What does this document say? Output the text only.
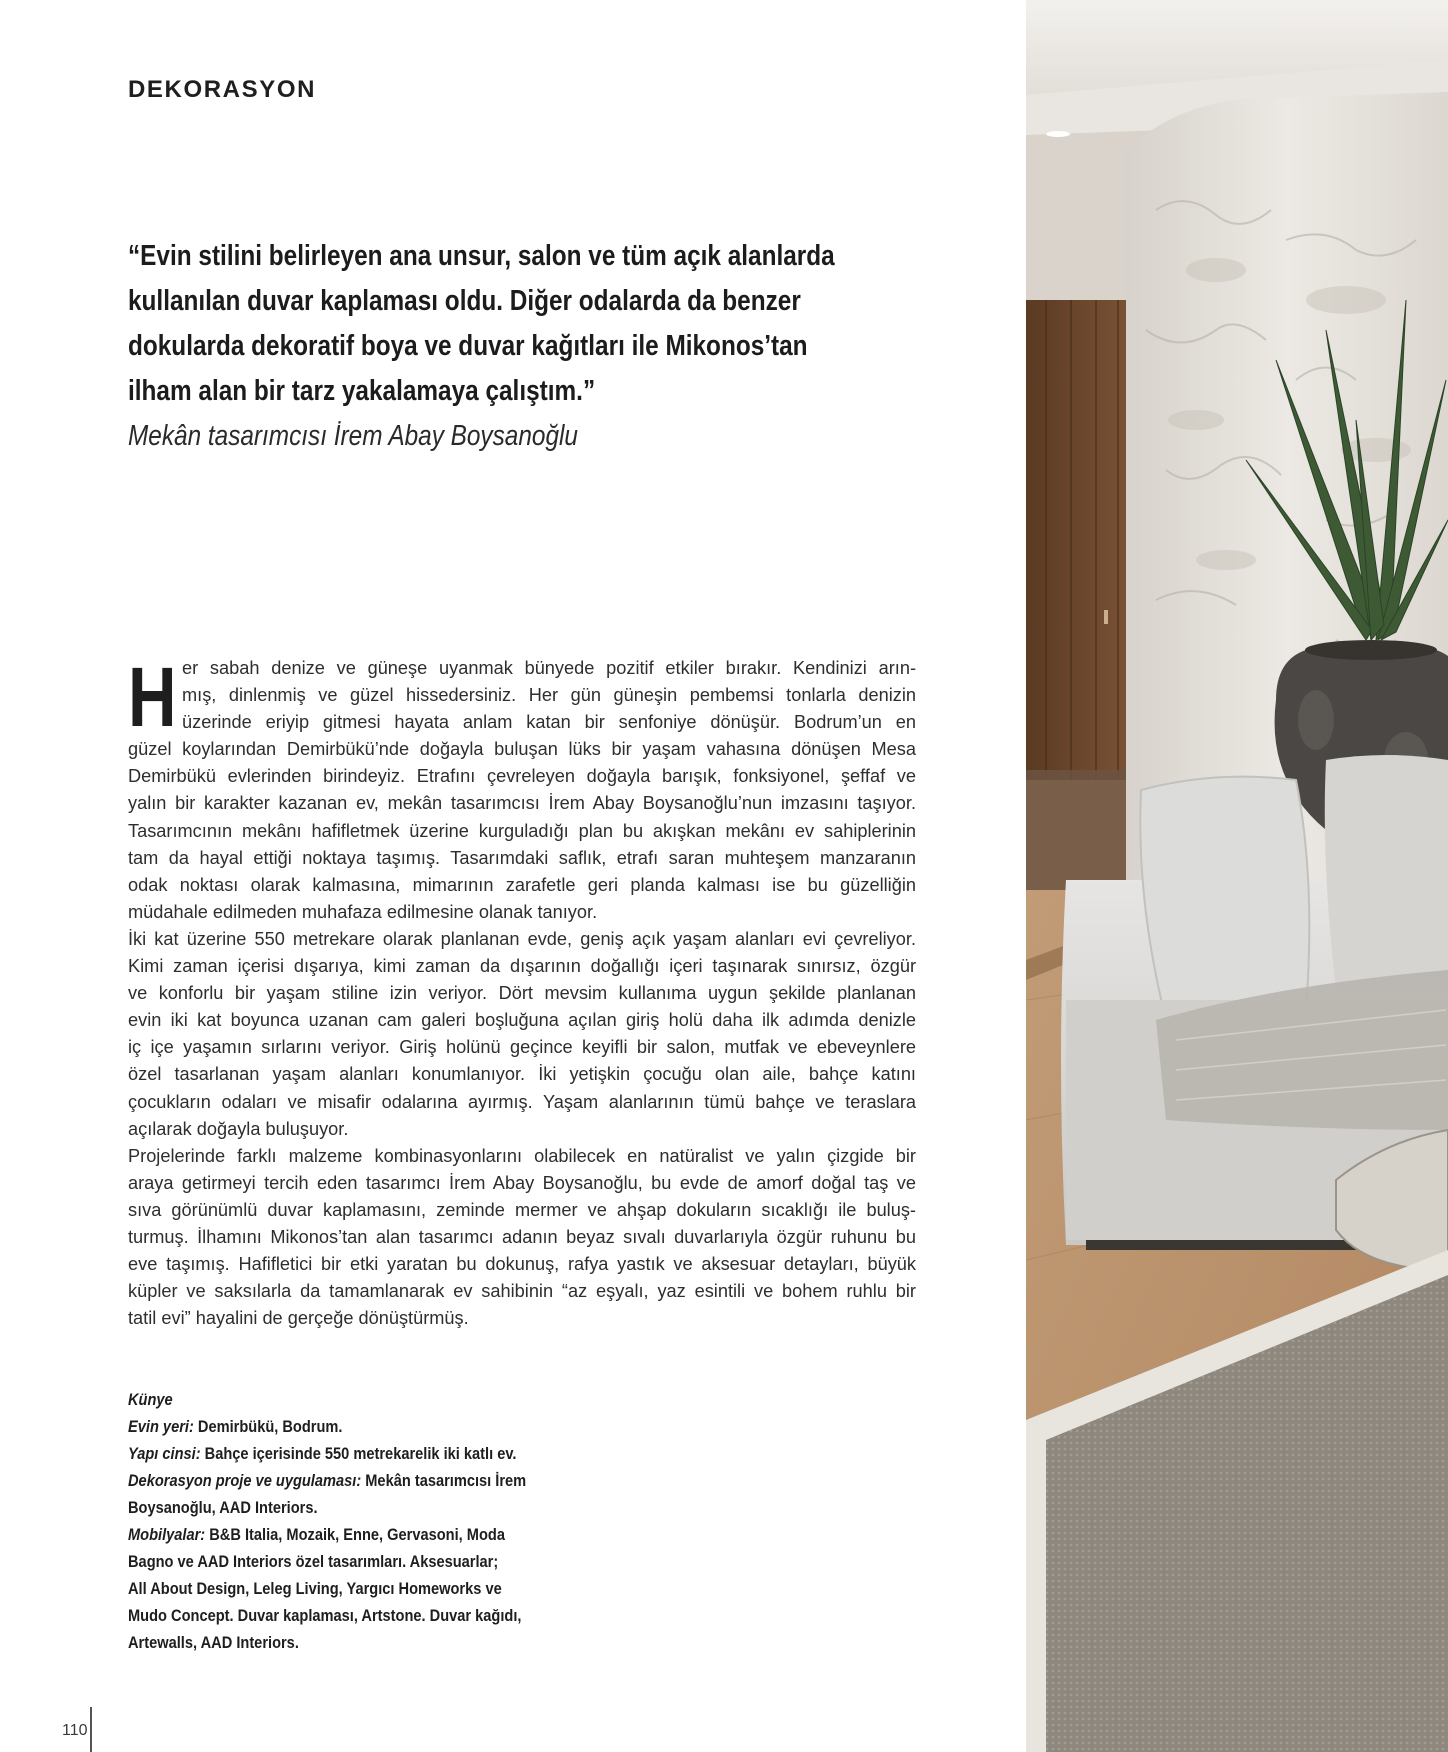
DEKORASYON
“Evin stilini belirleyen ana unsur, salon ve tüm açık alanlarda
kullanılan duvar kaplaması oldu. Diğer odalarda da benzer
dokularda dekoratif boya ve duvar kağıtları ile Mikonos’tan
ilham alan bir tarz yakalamaya çalıştım.”
Mekân tasarımcısı İrem Abay Boysanoğlu
H er sabah denize ve güneşe uyanmak bünyede pozitif etkiler bırakır. Kendinizi arın-
mış, dinlenmiş ve güzel hissedersiniz. Her gün güneşin pembemsi tonlarla denizin
üzerinde eriyip gitmesi hayata anlam katan bir senfoniye dönüşür. Bodrum’un en
güzel koylarından Demirbükü’nde doğayla buluşan lüks bir yaşam vahasına dönüşen Mesa
Demirbükü evlerinden birindeyiz. Etrafını çevreleyen doğayla barışık, fonksiyonel, şeffaf ve
yalın bir karakter kazanan ev, mekân tasarımcısı İrem Abay Boysanoğlu’nun imzasını taşıyor.
Tasarımcının mekânı hafifletmek üzerine kurguladığı plan bu akışkan mekânı ev sahiplerinin
tam da hayal ettiği noktaya taşımış. Tasarımdaki saflık, etrafı saran muhteşem manzaranın
odak noktası olarak kalmasına, mimarının zarafetle geri planda kalması ise bu güzelliğin
müdahale edilmeden muhafaza edilmesine olanak tanıyor.
İki kat üzerine 550 metrekare olarak planlanan evde, geniş açık yaşam alanları evi çevreliyor.
Kimi zaman içerisi dışarıya, kimi zaman da dışarının doğallığı içeri taşınarak sınırsız, özgür
ve konforlu bir yaşam stiline izin veriyor. Dört mevsim kullanıma uygun şekilde planlanan
evin iki kat boyunca uzanan cam galeri boşluğuna açılan giriş holü daha ilk adımda denizle
iç içe yaşamın sırlarını veriyor. Giriş holünü geçince keyifli bir salon, mutfak ve ebeveynlere
özel tasarlanan yaşam alanları konumlanıyor. İki yetişkin çocuğu olan aile, bahçe katını
çocukların odaları ve misafir odalarına ayırmış. Yaşam alanlarının tümü bahçe ve teraslara
açılarak doğayla buluşuyor.
Projelerinde farklı malzeme kombinasyonlarını olabilecek en natüralist ve yalın çizgide bir
araya getirmeyi tercih eden tasarımcı İrem Abay Boysanoğlu, bu evde de amorf doğal taş ve
sıva görünümlü duvar kaplamasını, zeminde mermer ve ahşap dokuların sıcaklığı ile buluş-
turmuş. İlhamını Mikonos’tan alan tasarımcı adanın beyaz sıvalı duvarlarıyla özgür ruhunu bu
eve taşımış. Hafifletici bir etki yaratan bu dokunuş, rafya yastık ve aksesuar detayları, büyük
küpler ve saksılarla da tamamlanarak ev sahibinin “az eşyalı, yaz esintili ve bohem ruhlu bir
tatil evi” hayalini de gerçeğe dönüştürmüş.
Künye
Evin yeri: Demirbükü, Bodrum.
Yapı cinsi: Bahçe içerisinde 550 metrekarelik iki katlı ev.
Dekorasyon proje ve uygulaması: Mekân tasarımcısı İrem
Boysanoğlu, AAD Interiors.
Mobilyalar: B&B Italia, Mozaik, Enne, Gervasoni, Moda
Bagno ve AAD Interiors özel tasarımları. Aksesuarlar;
All About Design, Leleg Living, Yargıcı Homeworks ve
Mudo Concept. Duvar kaplaması, Artstone. Duvar kağıdı,
Artewalls, AAD Interiors.
110
